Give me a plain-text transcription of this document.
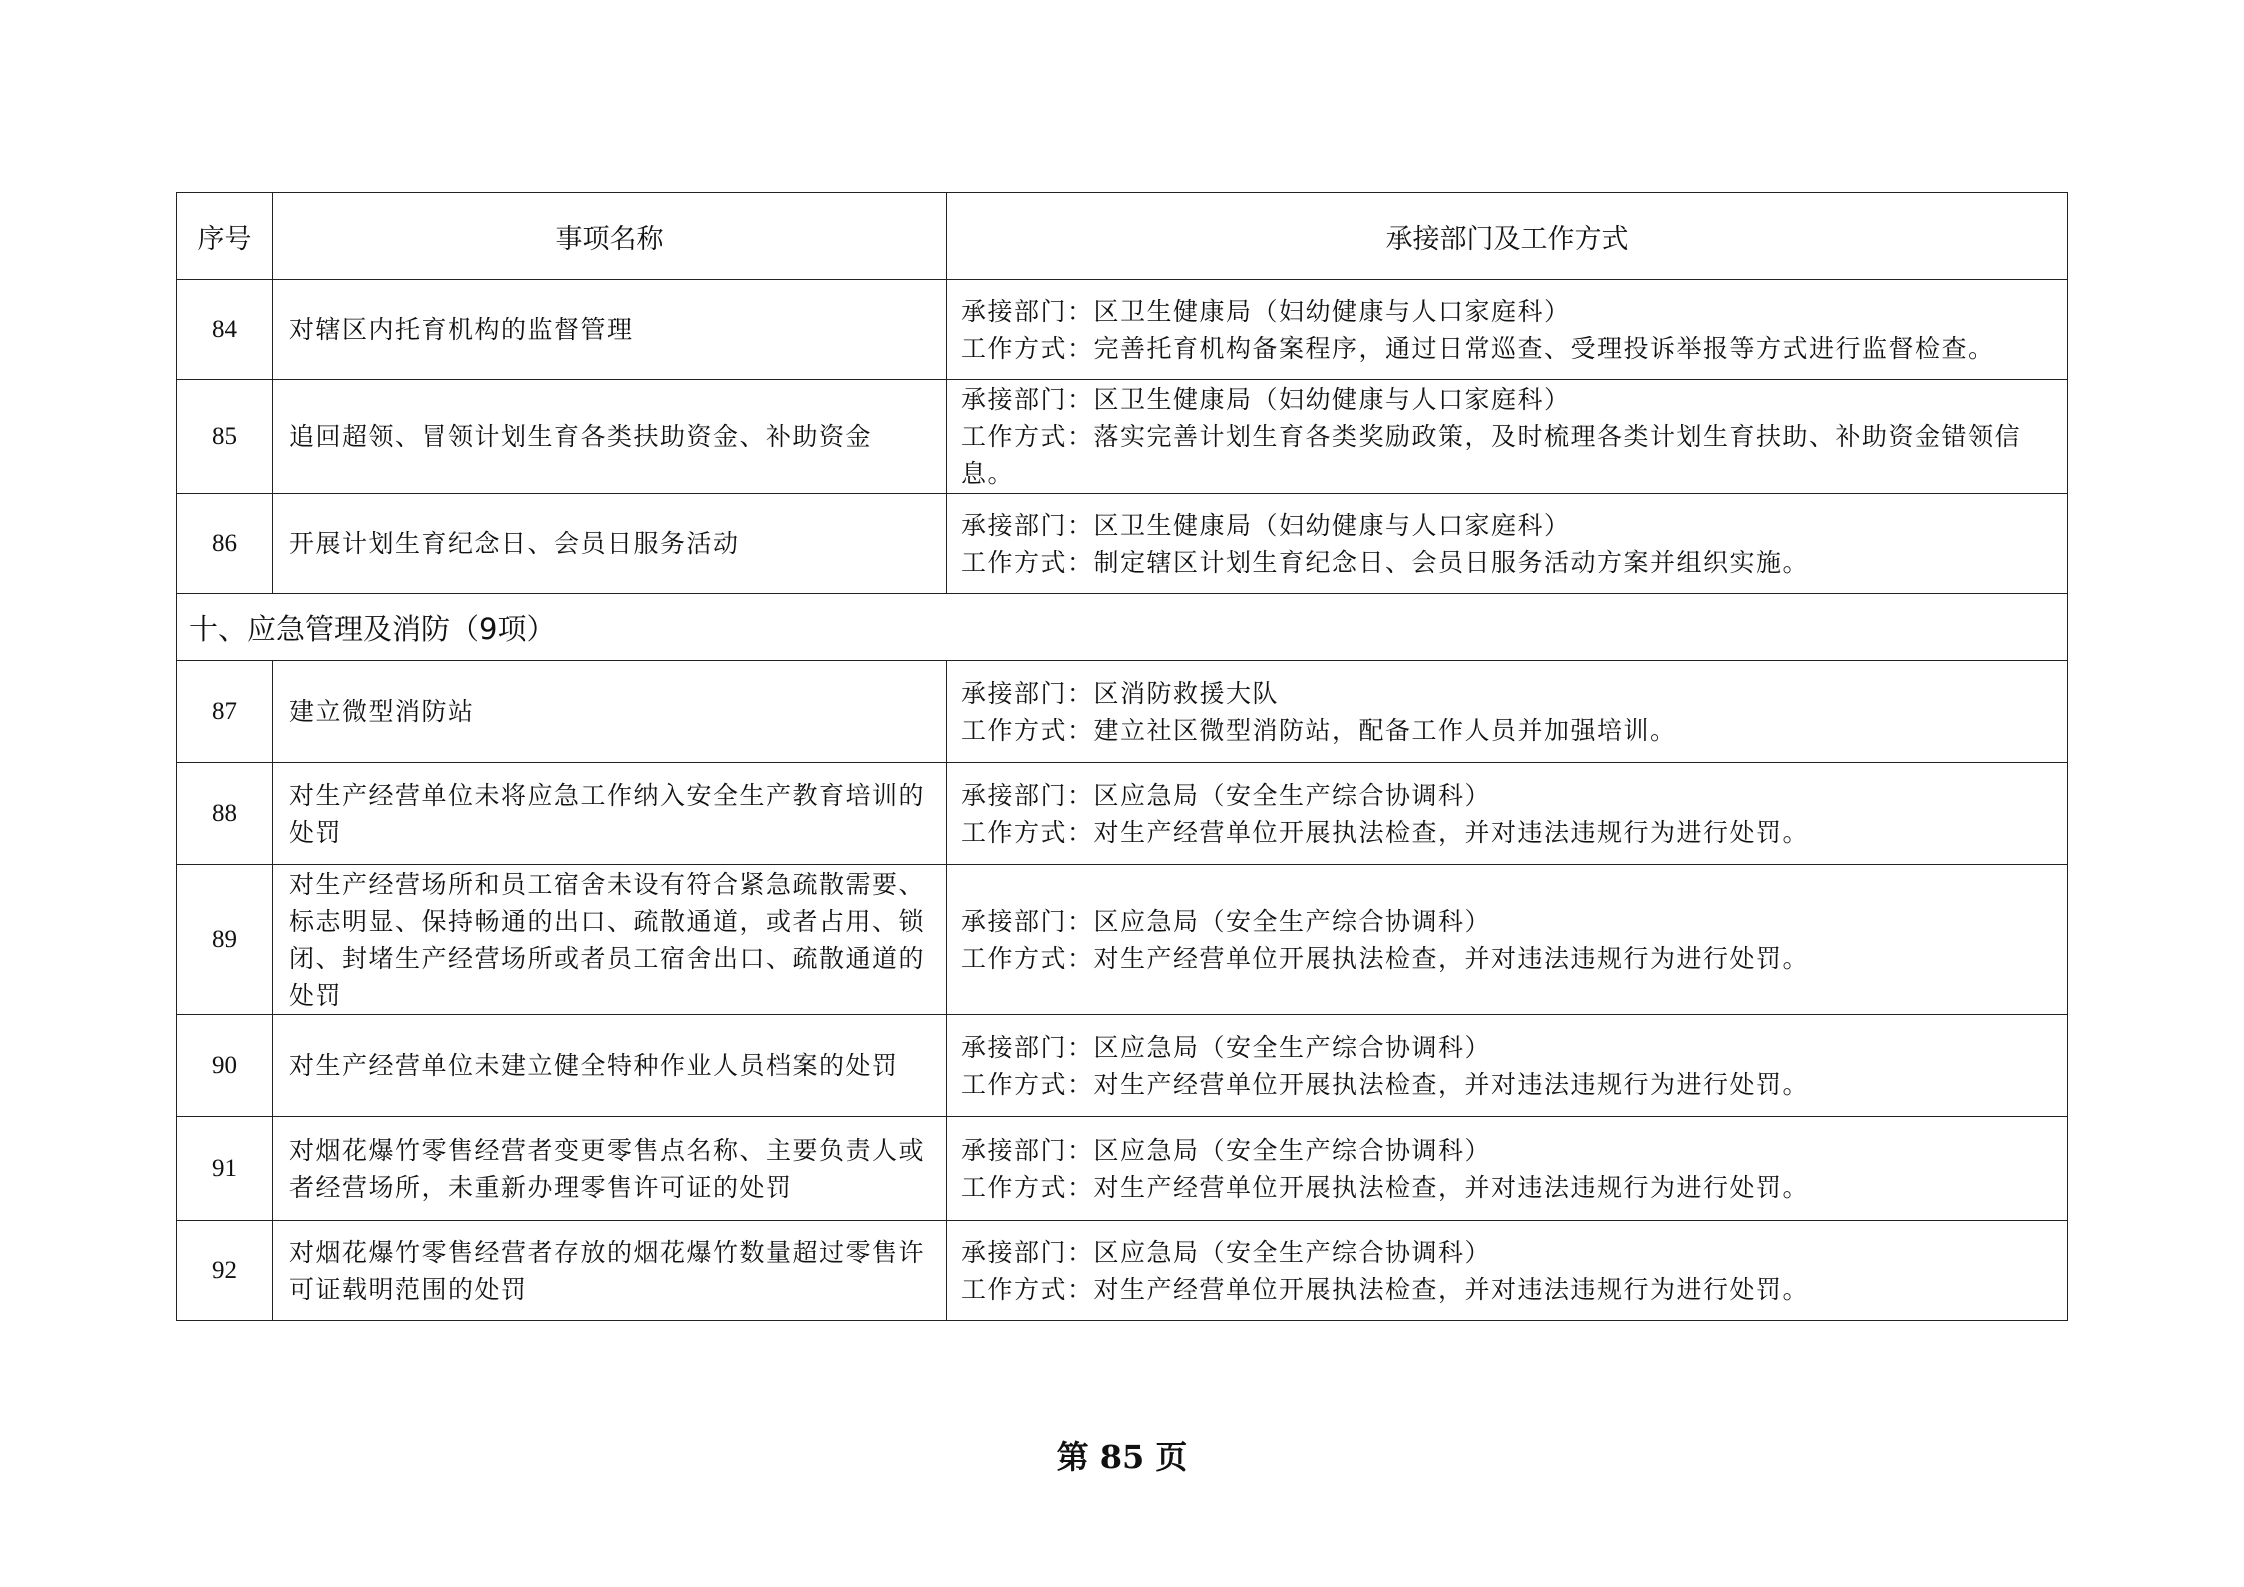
序号	事项名称	承接部门及工作方式
84	对辖区内托育机构的监督管理	承接部门：区卫生健康局（妇幼健康与人口家庭科）
工作方式：完善托育机构备案程序，通过日常巡查、受理投诉举报等方式进行监督检查。

85	追回超领、冒领计划生育各类扶助资金、补助资金	承接部门：区卫生健康局（妇幼健康与人口家庭科）
工作方式：落实完善计划生育各类奖励政策，及时梳理各类计划生育扶助、补助资金错领信息。

86	开展计划生育纪念日、会员日服务活动	承接部门：区卫生健康局（妇幼健康与人口家庭科）
工作方式：制定辖区计划生育纪念日、会员日服务活动方案并组织实施。

十、应急管理及消防（9项）		
87	建立微型消防站	承接部门：区消防救援大队
工作方式：建立社区微型消防站，配备工作人员并加强培训。

88	对生产经营单位未将应急工作纳入安全生产教育培训的处罚	承接部门：区应急局（安全生产综合协调科）
工作方式：对生产经营单位开展执法检查，并对违法违规行为进行处罚。

89	对生产经营场所和员工宿舍未设有符合紧急疏散需要、标志明显、保持畅通的出口、疏散通道，或者占用、锁闭、封堵生产经营场所或者员工宿舍出口、疏散通道的处罚	承接部门：区应急局（安全生产综合协调科）
工作方式：对生产经营单位开展执法检查，并对违法违规行为进行处罚。

90	对生产经营单位未建立健全特种作业人员档案的处罚	承接部门：区应急局（安全生产综合协调科）
工作方式：对生产经营单位开展执法检查，并对违法违规行为进行处罚。

91	对烟花爆竹零售经营者变更零售点名称、主要负责人或者经营场所，未重新办理零售许可证的处罚	承接部门：区应急局（安全生产综合协调科）
工作方式：对生产经营单位开展执法检查，并对违法违规行为进行处罚。

92	对烟花爆竹零售经营者存放的烟花爆竹数量超过零售许可证载明范围的处罚	承接部门：区应急局（安全生产综合协调科）
工作方式：对生产经营单位开展执法检查，并对违法违规行为进行处罚。
第 85 页
